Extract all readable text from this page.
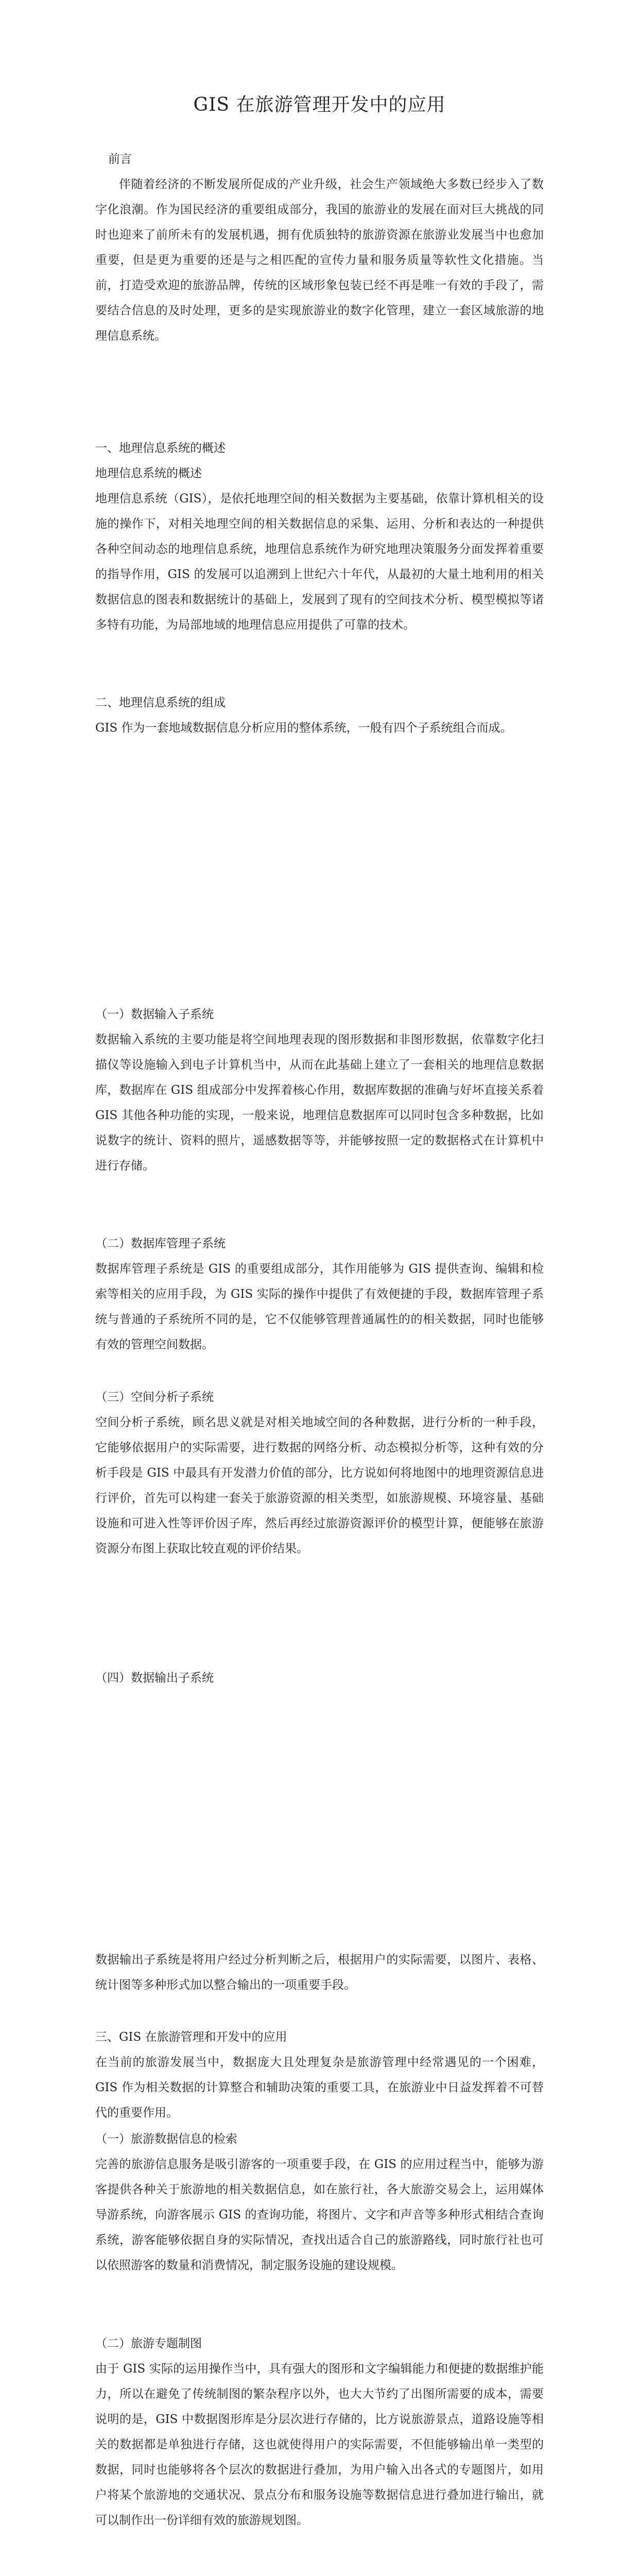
GIS 在旅游管理开发中的应用

前言

伴随着经济的不断发展所促成的产业升级，社会生产领域绝大多数已经步入了数字化浪潮。作为国民经济的重要组成部分，我国的旅游业的发展在面对巨大挑战的同时也迎来了前所未有的发展机遇，拥有优质独特的旅游资源在旅游业发展当中也愈加重要，但是更为重要的还是与之相匹配的宣传力量和服务质量等软性文化措施。当前，打造受欢迎的旅游品牌，传统的区域形象包装已经不再是唯一有效的手段了，需要结合信息的及时处理，更多的是实现旅游业的数字化管理，建立一套区域旅游的地理信息系统。

一、地理信息系统的概述

地理信息系统的概述

地理信息系统（GIS），是依托地理空间的相关数据为主要基础，依靠计算机相关的设施的操作下，对相关地理空间的相关数据信息的采集、运用、分析和表达的一种提供各种空间动态的地理信息系统，地理信息系统作为研究地理决策服务分面发挥着重要的指导作用，GIS 的发展可以追溯到上世纪六十年代，从最初的大量土地利用的相关数据信息的图表和数据统计的基础上，发展到了现有的空间技术分析、模型模拟等诸多特有功能，为局部地域的地理信息应用提供了可靠的技术。

二、地理信息系统的组成

GIS 作为一套地域数据信息分析应用的整体系统，一般有四个子系统组合而成。

（一）数据输入子系统

数据输入系统的主要功能是将空间地理表现的图形数据和非图形数据，依靠数字化扫描仪等设施输入到电子计算机当中，从而在此基础上建立了一套相关的地理信息数据库，数据库在 GIS 组成部分中发挥着核心作用，数据库数据的准确与好坏直接关系着 GIS 其他各种功能的实现，一般来说，地理信息数据库可以同时包含多种数据，比如说数字的统计、资料的照片，遥感数据等等，并能够按照一定的数据格式在计算机中进行存储。

（二）数据库管理子系统

数据库管理子系统是 GIS 的重要组成部分，其作用能够为 GIS 提供查询、编辑和检索等相关的应用手段，为 GIS 实际的操作中提供了有效便捷的手段，数据库管理子系统与普通的子系统所不同的是，它不仅能够管理普通属性的的相关数据，同时也能够有效的管理空间数据。

（三）空间分析子系统

空间分析子系统，顾名思义就是对相关地域空间的各种数据，进行分析的一种手段，它能够依据用户的实际需要，进行数据的网络分析、动态模拟分析等，这种有效的分析手段是 GIS 中最具有开发潜力价值的部分，比方说如何将地图中的地理资源信息进行评价，首先可以构建一套关于旅游资源的相关类型，如旅游规模、环境容量、基础设施和可进入性等评价因子库，然后再经过旅游资源评价的模型计算，便能够在旅游资源分布图上获取比较直观的评价结果。

（四）数据输出子系统

数据输出子系统是将用户经过分析判断之后，根据用户的实际需要，以图片、表格、统计图等多种形式加以整合输出的一项重要手段。

三、GIS 在旅游管理和开发中的应用

在当前的旅游发展当中，数据庞大且处理复杂是旅游管理中经常遇见的一个困难，GIS 作为相关数据的计算整合和辅助决策的重要工具，在旅游业中日益发挥着不可替代的重要作用。

（一）旅游数据信息的检索

完善的旅游信息服务是吸引游客的一项重要手段，在 GIS 的应用过程当中，能够为游客提供各种关于旅游地的相关数据信息，如在旅行社，各大旅游交易会上，运用媒体导游系统，向游客展示 GIS 的查询功能，将图片、文字和声音等多种形式相结合查询系统，游客能够依据自身的实际情况，查找出适合自己的旅游路线，同时旅行社也可以依照游客的数量和消费情况，制定服务设施的建设规模。

（二）旅游专题制图

由于 GIS 实际的运用操作当中，具有强大的图形和文字编辑能力和便捷的数据维护能力，所以在避免了传统制图的繁杂程序以外，也大大节约了出图所需要的成本，需要说明的是，GIS 中数据图形库是分层次进行存储的，比方说旅游景点，道路设施等相关的数据都是单独进行存储，这也就使得用户的实际需要，不但能够输出单一类型的数据，同时也能够将各个层次的数据进行叠加，为用户输入出各式的专题图片，如用户将某个旅游地的交通状况、景点分布和服务设施等数据信息进行叠加进行输出，就可以制作出一份详细有效的旅游规划图。
